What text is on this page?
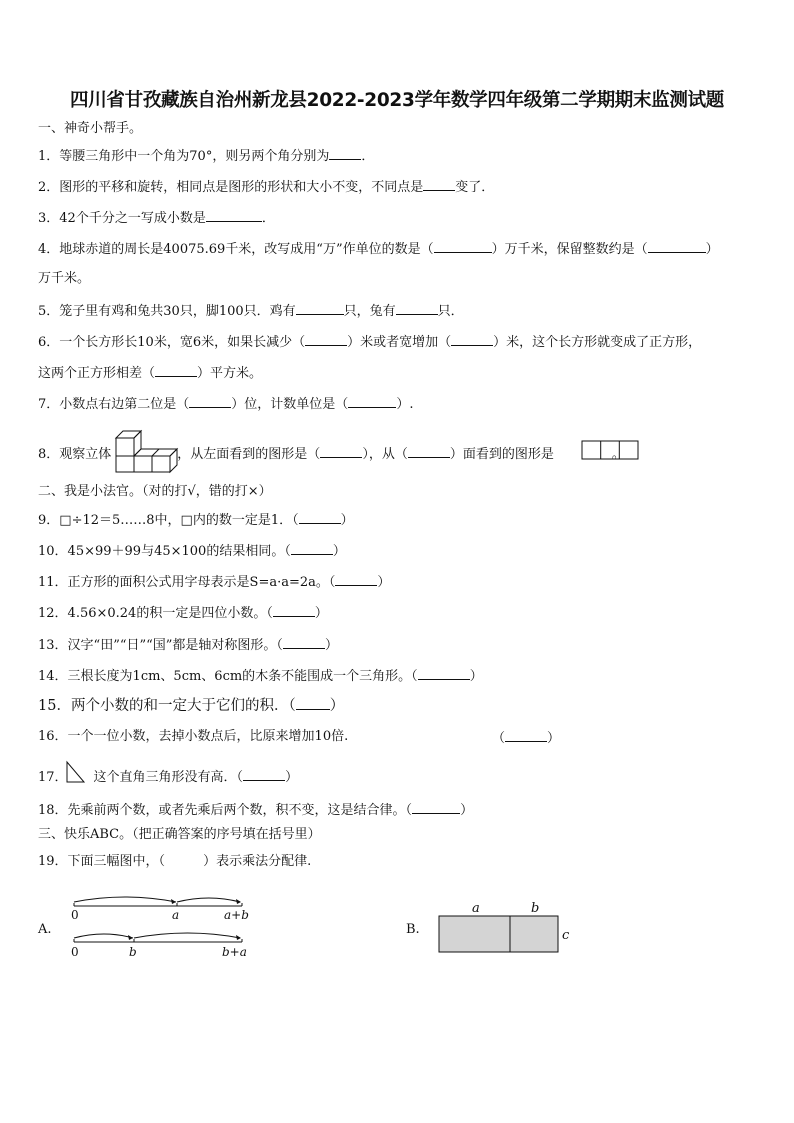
四川省甘孜藏族自治州新龙县2022-2023学年数学四年级第二学期期末监测试题
一、神奇小帮手。
1．等腰三角形中一个角为70°，则另两个角分别为 ．
2．图形的平移和旋转，相同点是图形的形状和大小不变，不同点是 变了．
3．42个千分之一写成小数是	．
4．地球赤道的周长是40075.69千米，改写成用“万”作单位的数是（	）万千米，保留整数约是（	）
万千米。
5．笼子里有鸡和兔共30只，脚100只．鸡有	只，兔有	只．
6．一个长方形长10米，宽6米，如果长减少（	）米或者宽增加（	）米，这个长方形就变成了正方形，
这两个正方形相差（	）平方米。
7．小数点右边第二位是（	）位，计数单位是（	）.
8．观察立体	，从左面看到的图形是（	），从（	）面看到的图形是	。
二、我是小法官。（对的打√，错的打×）
9．□÷12＝5……8中，□内的数一定是1．（	）
10．45×99＋99与45×100的结果相同。（	）
11．正方形的面积公式用字母表示是S=a·a=2a。（	）
12．4.56×0.24的积一定是四位小数。（	）
13．汉字“田”“日”“国”都是轴对称图形。（	）
14．三根长度为1cm、5cm、6cm的木条不能围成一个三角形。（	）
15．两个小数的和一定大于它们的积．（ ）
16．一个一位小数，去掉小数点后，比原来增加10倍.	（	）
17． 这个直角三角形没有高．（	）
18．先乘前两个数，或者先乘后两个数，积不变，这是结合律。（	）
三、快乐ABC。（把正确答案的序号填在括号里）
19．下面三幅图中，（	）表示乘法分配律.
A.
0	a	a+b
0	b	b+a
B.
a	b
c
